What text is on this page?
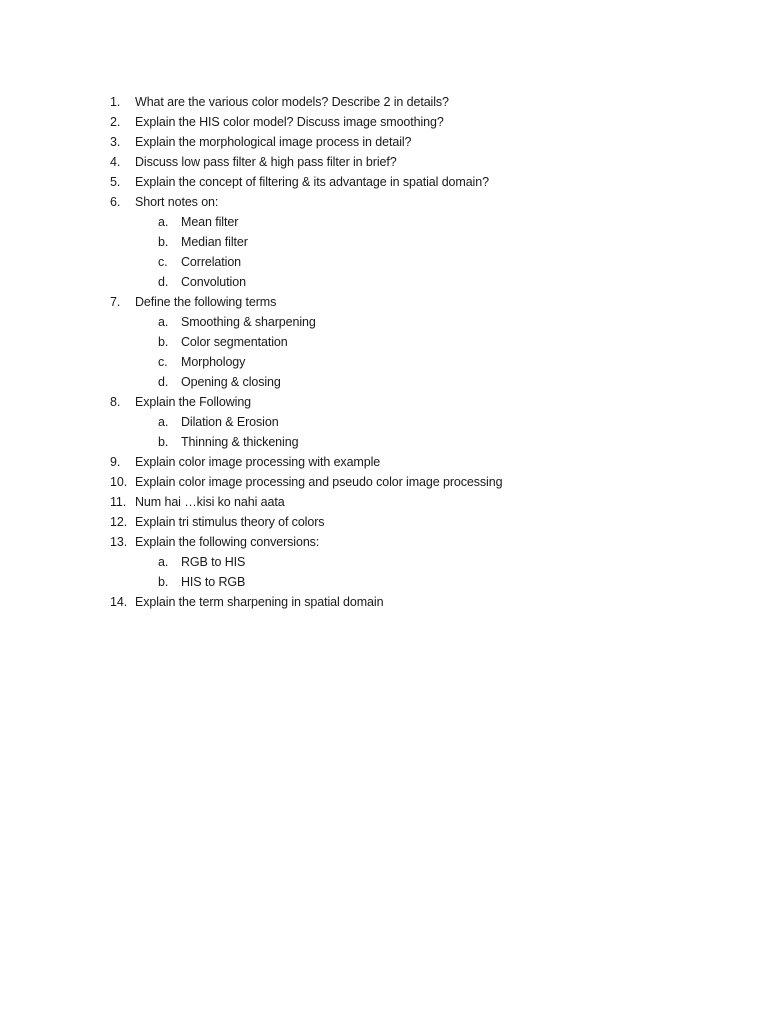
1.	What are the various color models? Describe 2 in details?
2.	Explain the HIS color model? Discuss image smoothing?
3.	Explain the morphological image process in detail?
4.	Discuss low pass filter & high pass filter in brief?
5.	Explain the concept of filtering & its advantage in spatial domain?
6.	Short notes on:
a.	Mean filter
b.	Median filter
c.	Correlation
d.	Convolution
7.	Define the following terms
a.	Smoothing & sharpening
b.	Color segmentation
c.	Morphology
d.	Opening & closing
8.	Explain the Following
a.	Dilation & Erosion
b.	Thinning & thickening
9.	Explain color image processing with example
10. Explain color image processing and pseudo color image processing
11. Num hai …kisi ko nahi aata
12. Explain tri stimulus theory of colors
13. Explain the following conversions:
a.	RGB to HIS
b.	HIS to RGB
14. Explain the term sharpening in spatial domain
